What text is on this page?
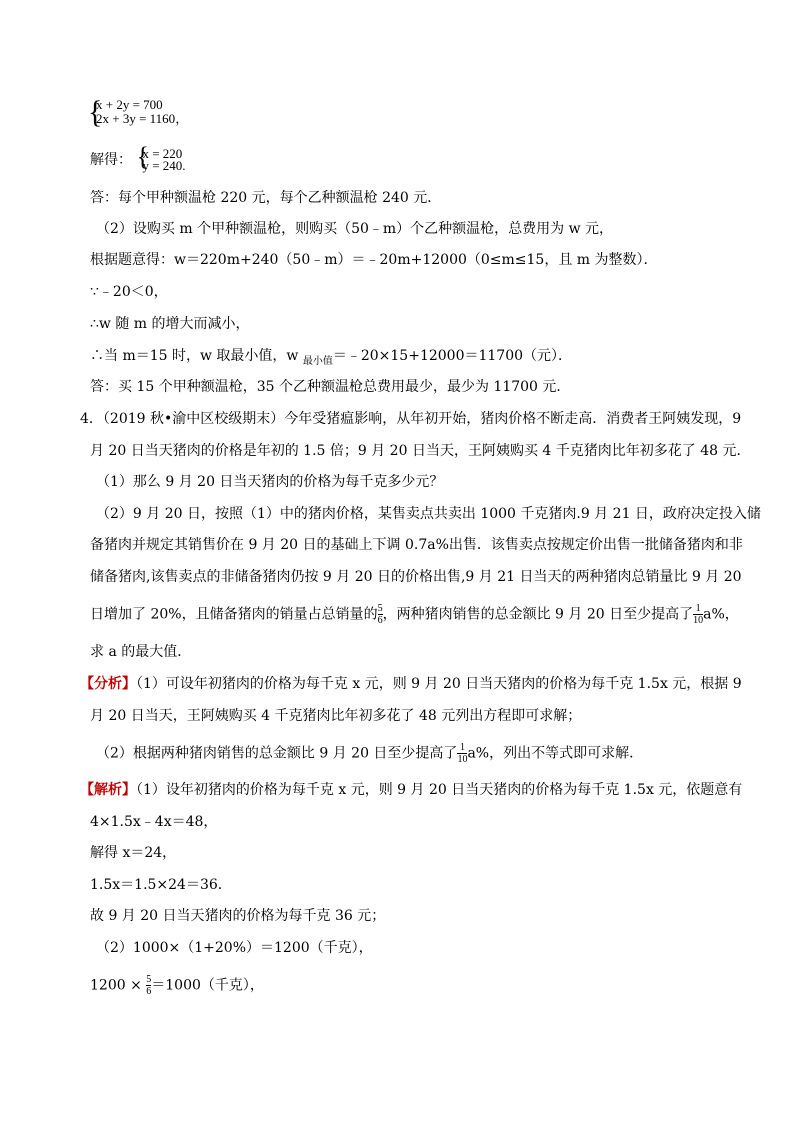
{
x + 2y = 700
2x + 3y = 1160，
解得： {
x = 220
y = 240.
答：每个甲种额温枪 220 元，每个乙种额温枪 240 元．
（2）设购买 m 个甲种额温枪，则购买（50﹣m）个乙种额温枪，总费用为 w 元，
根据题意得：w＝220m+240（50﹣m）＝﹣20m+12000（0≤m≤15，且 m 为整数）．
∵﹣20＜0，
∴w 随 m 的增大而减小，
∴当 m＝15 时，w 取最小值，w $_{最小值}$＝﹣20×15+12000＝11700（元）．
答：买 15 个甲种额温枪，35 个乙种额温枪总费用最少，最少为 11700 元．
4．（2019 秋•渝中区校级期末）今年受猪瘟影响，从年初开始，猪肉价格不断走高．消费者王阿姨发现，9
月 20 日当天猪肉的价格是年初的 1.5 倍；9 月 20 日当天，王阿姨购买 4 千克猪肉比年初多花了 48 元．
（1）那么 9 月 20 日当天猪肉的价格为每千克多少元？
（2）9 月 20 日，按照（1）中的猪肉价格，某售卖点共卖出 1000 千克猪肉.9 月 21 日，政府决定投入储
备猪肉并规定其销售价在 9 月 20 日的基础上下调 0.7a%出售．该售卖点按规定价出售一批储备猪肉和非
储备猪肉,该售卖点的非储备猪肉仍按 9 月 20 日的价格出售,9 月 21 日当天的两种猪肉总销量比 9 月 20
日增加了 20%，且储备猪肉的销量占总销量的 $\frac{5}{6}$ ，两种猪肉销售的总金额比 9 月 20 日至少提高了 $\frac{1}{10} a\%$，
求 a 的最大值．
【分析】（1）可设年初猪肉的价格为每千克 x 元，则 9 月 20 日当天猪肉的价格为每千克 1.5x 元，根据 9
月 20 日当天，王阿姨购买 4 千克猪肉比年初多花了 48 元列出方程即可求解；
（2）根据两种猪肉销售的总金额比 9 月 20 日至少提高了 $\frac{1}{10} a\%$，列出不等式即可求解．
【解析】（1）设年初猪肉的价格为每千克 x 元，则 9 月 20 日当天猪肉的价格为每千克 1.5x 元，依题意有
4×1.5x﹣4x＝48，
解得 x＝24，
1.5x＝1.5×24＝36．
故 9 月 20 日当天猪肉的价格为每千克 36 元；
（2）1000×（1+20%）＝1200（千克），
$1200 \times \frac{5}{6} =1000$（千克），
